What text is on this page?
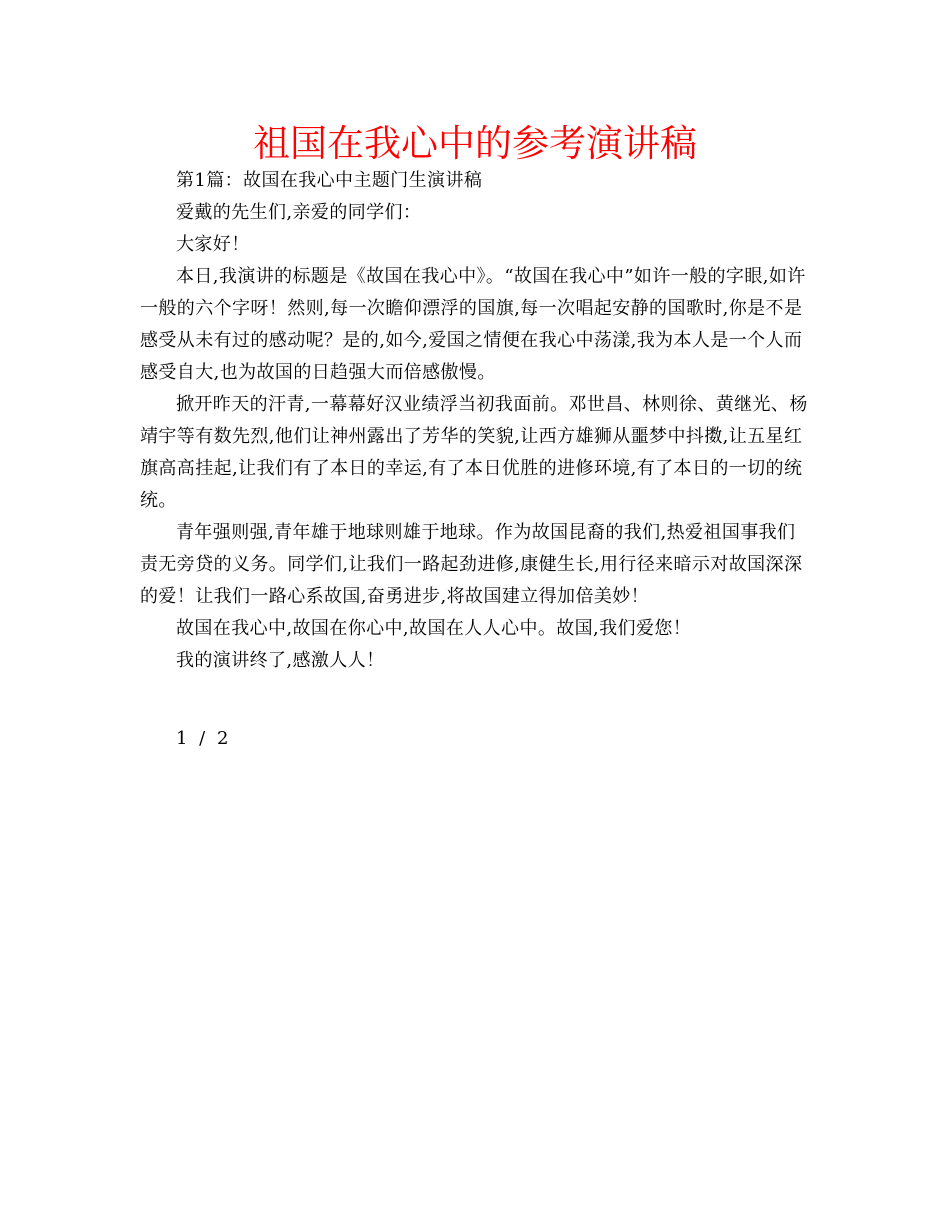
祖国在我心中的参考演讲稿

第1篇：故国在我心中主题门生演讲稿

爱戴的先生们,亲爱的同学们：

大家好！

本日,我演讲的标题是《故国在我心中》。“故国在我心中”如许一般的字眼,如许一般的六个字呀！然则,每一次瞻仰漂浮的国旗,每一次唱起安静的国歌时,你是不是感受从未有过的感动呢？是的,如今,爱国之情便在我心中荡漾,我为本人是一个人而感受自大,也为故国的日趋强大而倍感傲慢。

掀开昨天的汗青,一幕幕好汉业绩浮当初我面前。邓世昌、林则徐、黄继光、杨靖宇等有数先烈,他们让神州露出了芳华的笑貌,让西方雄狮从噩梦中抖擞,让五星红旗高高挂起,让我们有了本日的幸运,有了本日优胜的进修环境,有了本日的一切的统统。

青年强则强,青年雄于地球则雄于地球。作为故国昆裔的我们,热爱祖国事我们责无旁贷的义务。同学们,让我们一路起劲进修,康健生长,用行径来暗示对故国深深的爱！让我们一路心系故国,奋勇进步,将故国建立得加倍美妙！

故国在我心中,故国在你心中,故国在人人心中。故国,我们爱您！

我的演讲终了,感激人人！

1 / 2
